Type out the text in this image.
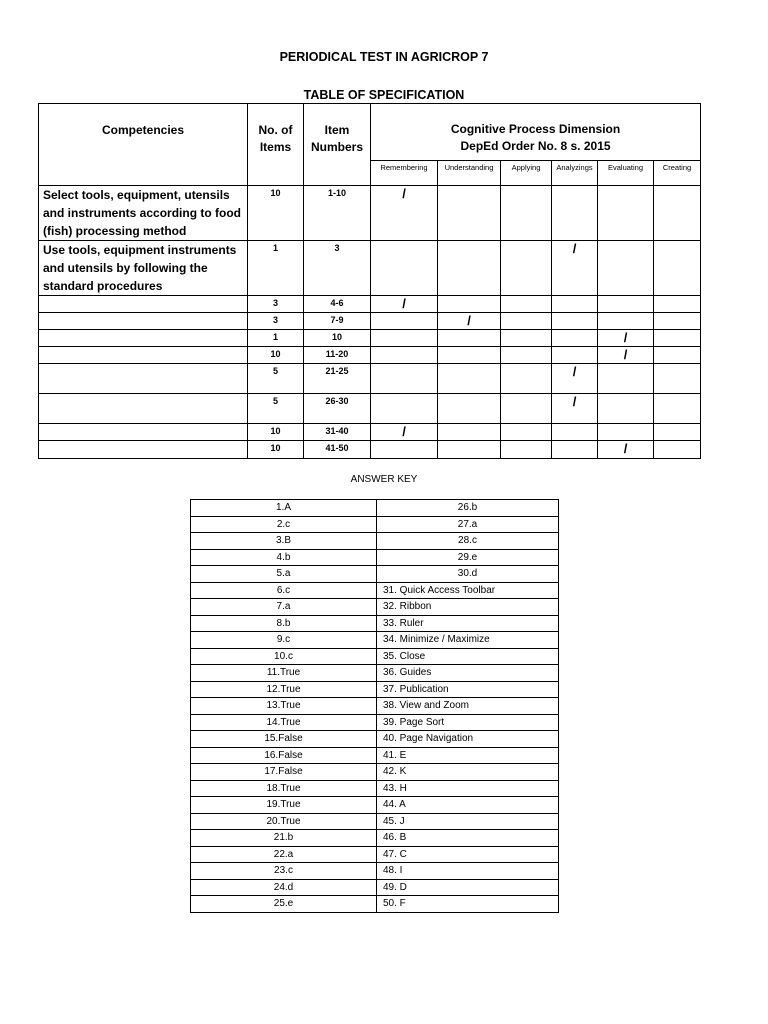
PERIODICAL TEST IN AGRICROP 7
TABLE OF SPECIFICATION
Competencies	No. of Items	Item Numbers	Cognitive Process Dimension
DepEd Order No. 8 s. 2015					

			Remembering	Understanding	Applying	Analyzings	Evaluating	Creating
Select tools, equipment, utensils and instruments according to food (fish) processing method	10	1-10	/					
Use tools, equipment instruments and utensils by following the standard procedures	1	3				/		
	3	4-6	/					
	3	7-9		/				
	1	10					/	
	10	11-20					/	
	5	21-25				/		
	5	26-30				/		
	10	31-40	/					
	10	41-50					/	
ANSWER KEY
1.A	26.b
2.c	27.a
3.B	28.c
4.b	29.e
5.a	30.d
6.c	31. Quick Access Toolbar
7.a	32. Ribbon
8.b	33. Ruler
9.c	34. Minimize / Maximize
10.c	35. Close
11.True	36. Guides
12.True	37. Publication
13.True	38. View and Zoom
14.True	39. Page Sort
15.False	40. Page Navigation
16.False	41. E
17.False	42. K
18.True	43. H
19.True	44. A
20.True	45. J
21.b	46. B
22.a	47. C
23.c	48. I
24.d	49. D
25.e	50. F
